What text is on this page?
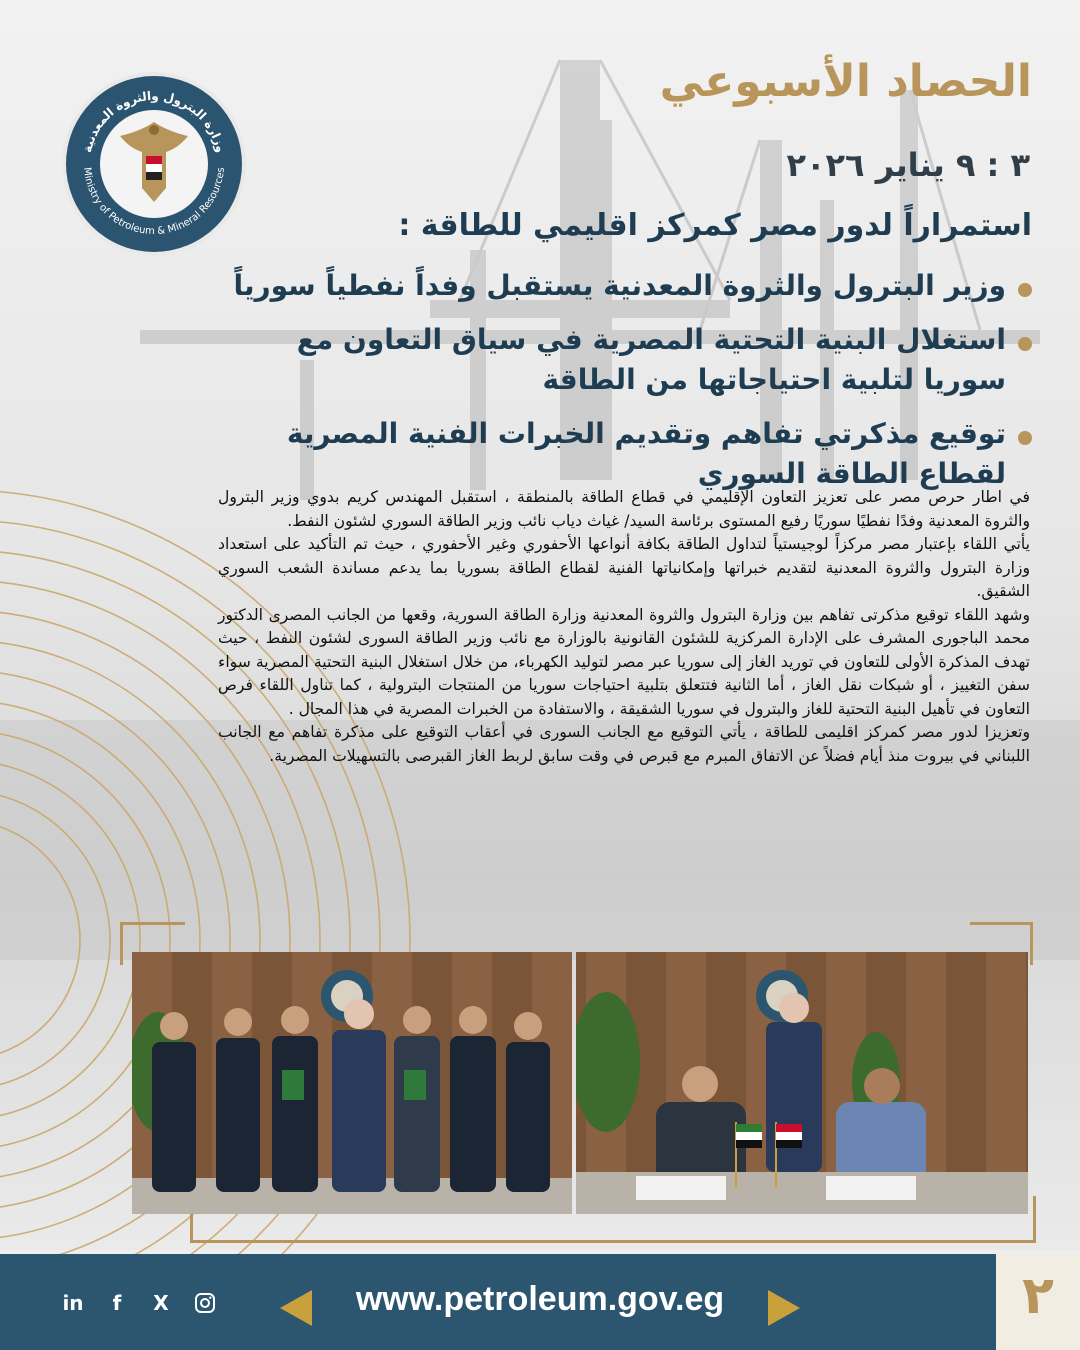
وزارة البترول والثروة المعدنية
Ministry of Petroleum & Mineral Resources
الحصاد الأسبوعي
٣ : ٩ يناير ٢٠٢٦
استمراراً لدور مصر كمركز اقليمي للطاقة :
وزير البترول والثروة المعدنية يستقبل وفداً نفطياً سورياً
استغلال البنية التحتية المصرية في سياق التعاون مع سوريا لتلبية احتياجاتها من الطاقة
توقيع مذكرتي تفاهم وتقديم الخبرات الفنية المصرية لقطاع الطاقة السوري

في اطار حرص مصر على تعزيز التعاون الإقليمي في قطاع الطاقة بالمنطقة ، استقبل المهندس كريم بدوي وزير البترول والثروة المعدنية وفدًا نفطيًا سوريًا رفيع المستوى برئاسة السيد/ غياث دياب نائب وزير الطاقة السوري لشئون النفط.

يأتي اللقاء بإعتبار مصر مركزاً لوجيستياً لتداول الطاقة بكافة أنواعها الأحفوري وغير الأحفوري ، حيث تم التأكيد على استعداد وزارة البترول والثروة المعدنية لتقديم خبراتها وإمكانياتها الفنية لقطاع الطاقة بسوريا بما يدعم مساندة الشعب السوري الشقيق.

وشهد اللقاء توقيع مذكرتى تفاهم بين وزارة البترول والثروة المعدنية وزارة الطاقة السورية، وقعها من الجانب المصرى الدكتور محمد الباجورى المشرف على الإدارة المركزية للشئون القانونية بالوزارة مع نائب وزير الطاقة السورى لشئون النفط ، حيث تهدف المذكرة الأولى للتعاون في توريد الغاز إلى سوريا عبر مصر لتوليد الكهرباء، من خلال استغلال البنية التحتية المصرية سواء سفن التغييز ، أو شبكات نقل الغاز ، أما الثانية فتتعلق بتلبية احتياجات سوريا من المنتجات البترولية ، كما تناول اللقاء فرص التعاون في تأهيل البنية التحتية للغاز والبترول في سوريا الشقيقة ، والاستفادة من الخبرات المصرية في هذا المجال .

وتعزيزا لدور مصر كمركز اقليمى للطاقة ، يأتي التوقيع مع الجانب السورى في أعقاب التوقيع على مذكرة تفاهم مع الجانب اللبناني في بيروت منذ أيام فضلاً عن الاتفاق المبرم مع قبرص في وقت سابق لربط الغاز القبرصى بالتسهيلات المصرية.

in	f	X	www.petroleum.gov.eg	٢
